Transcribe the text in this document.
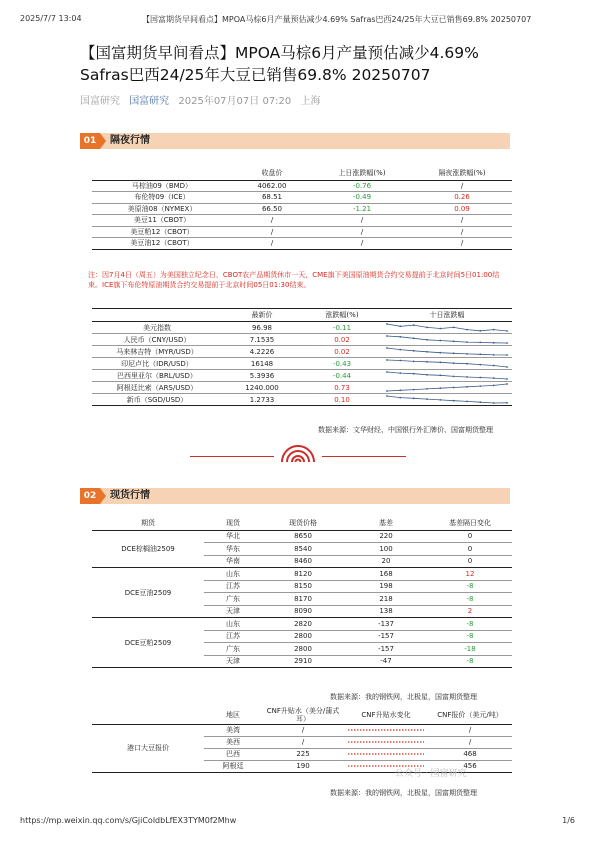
2025/7/7 13:04	【国富期货早间看点】MPOA马棕6月产量预估减少4.69% Safras巴西24/25年大豆已销售69.8% 20250707
【国富期货早间看点】MPOA马棕6月产量预估减少4.69% Safras巴西24/25年大豆已销售69.8% 20250707
国富研究 国富研究 2025年07月07日 07:20 上海
01	隔夜行情
	收盘价	上日涨跌幅(%)	隔夜涨跌幅(%)
马棕油09（BMD）	4062.00	-0.76	/
布伦特09（ICE）	68.51	-0.49	0.26
美原油08（NYMEX）	66.50	-1.21	0.09
美豆11（CBOT）	/	/	/
美豆粕12（CBOT）	/	/	/
美豆油12（CBOT）	/	/	/
注：因7月4日（周五）为美国独立纪念日，CBOT农产品期货休市一天，CME旗下美国原油期货合约交易提前于北京时间5日01:00结束。ICE旗下布伦特原油期货合约交易提前于北京时间05日01:30结束。
	最新价	涨跌幅(%)	十日涨跌幅
美元指数	96.98	-0.11	

人民币（CNY/USD）	7.1535	0.02	

马来林吉特（MYR/USD）	4.2226	0.02	

印尼卢比（IDR/USD）	16148	-0.43	

巴西里亚尔（BRL/USD）	5.3936	-0.44	

阿根廷比索（ARS/USD）	1240.000	0.73	

新币（SGD/USD）	1.2733	0.10	
数据来源：文华财经、中国银行外汇牌价、国富期货整理
02	现货行情
期货	现货	现货价格	基差	基差隔日变化
DCE棕榈油2509	华北	8650	220	0
	华东	8540	100	0
	华南	8460	20	0
DCE豆油2509	山东	8120	168	12
	江苏	8150	198	-8
	广东	8170	218	-8
	天津	8090	138	2
DCE豆粕2509	山东	2820	-137	-8
	江苏	2800	-157	-8
	广东	2800	-157	-18
	天津	2910	-47	-8
数据来源：我的钢铁网，北极星，国富期货整理
	地区	CNF升贴水（美分/蒲式耳）	CNF升贴水变化	CNF报价（美元/吨）
港口大豆报价	美湾	/		/
	美西	/		/
	巴西	225		468
	阿根廷	190		456
数据来源：我的钢铁网，北极星，国富期货整理
公众号 · 国富研究
https://mp.weixin.qq.com/s/GjiColdbLfEX3TYM0f2Mhw	1/6
